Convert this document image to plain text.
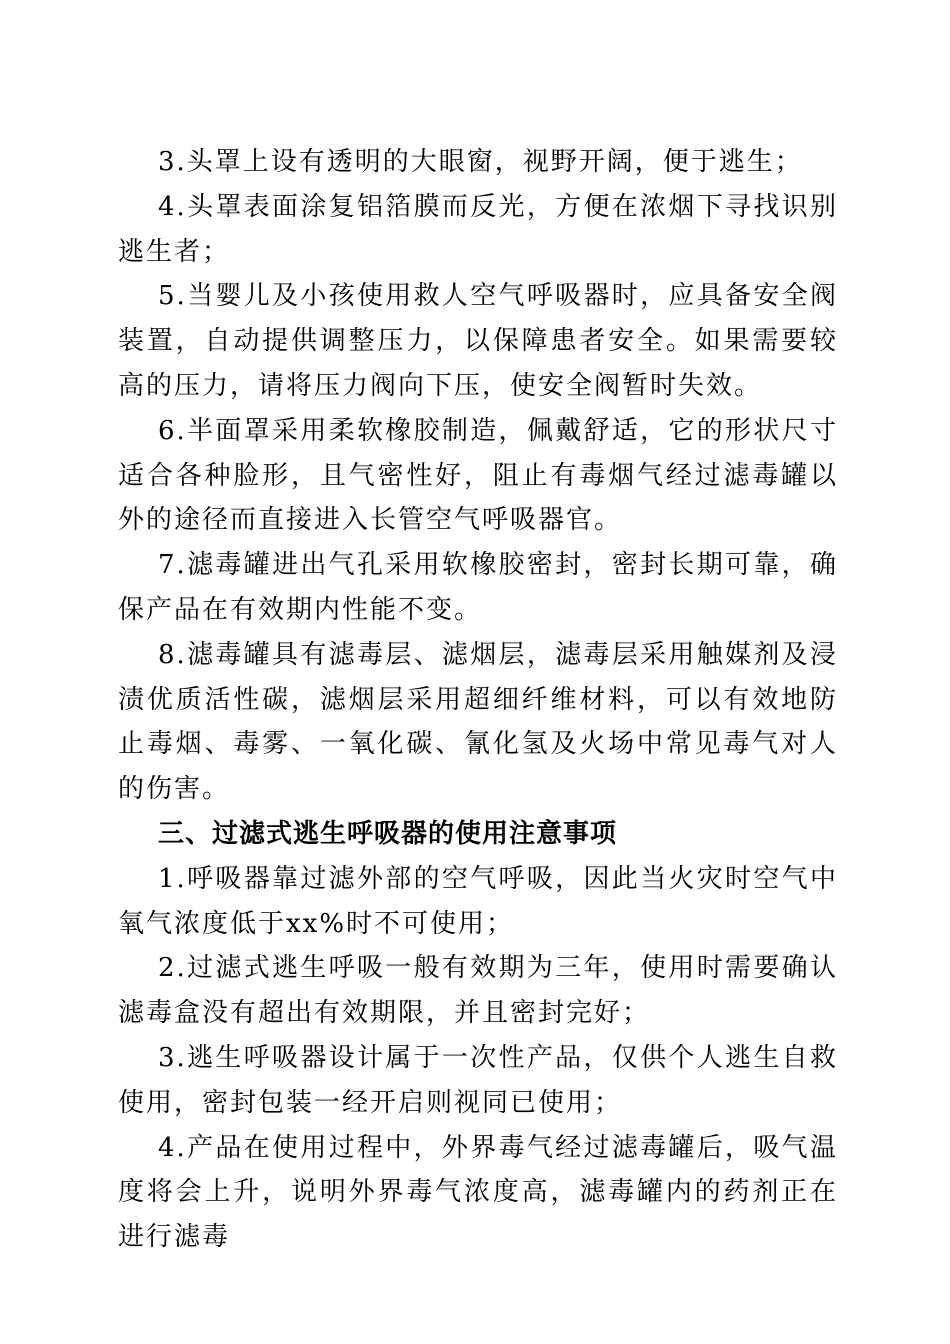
3.头罩上设有透明的大眼窗，视野开阔，便于逃生；

4.头罩表面涂复铝箔膜而反光，方便在浓烟下寻找识别逃生者；

5.当婴儿及小孩使用救人空气呼吸器时，应具备安全阀装置，自动提供调整压力，以保障患者安全。如果需要较高的压力，请将压力阀向下压，使安全阀暂时失效。

6.半面罩采用柔软橡胶制造，佩戴舒适，它的形状尺寸适合各种脸形，且气密性好，阻止有毒烟气经过滤毒罐以外的途径而直接进入长管空气呼吸器官。

7.滤毒罐进出气孔采用软橡胶密封，密封长期可靠，确保产品在有效期内性能不变。

8.滤毒罐具有滤毒层、滤烟层，滤毒层采用触媒剂及浸渍优质活性碳，滤烟层采用超细纤维材料，可以有效地防止毒烟、毒雾、一氧化碳、氰化氢及火场中常见毒气对人的伤害。

三、过滤式逃生呼吸器的使用注意事项

1.呼吸器靠过滤外部的空气呼吸，因此当火灾时空气中氧气浓度低于xx%时不可使用；

2.过滤式逃生呼吸一般有效期为三年，使用时需要确认滤毒盒没有超出有效期限，并且密封完好；

3.逃生呼吸器设计属于一次性产品，仅供个人逃生自救使用，密封包装一经开启则视同已使用；

4.产品在使用过程中，外界毒气经过滤毒罐后，吸气温度将会上升，说明外界毒气浓度高，滤毒罐内的药剂正在进行滤毒
